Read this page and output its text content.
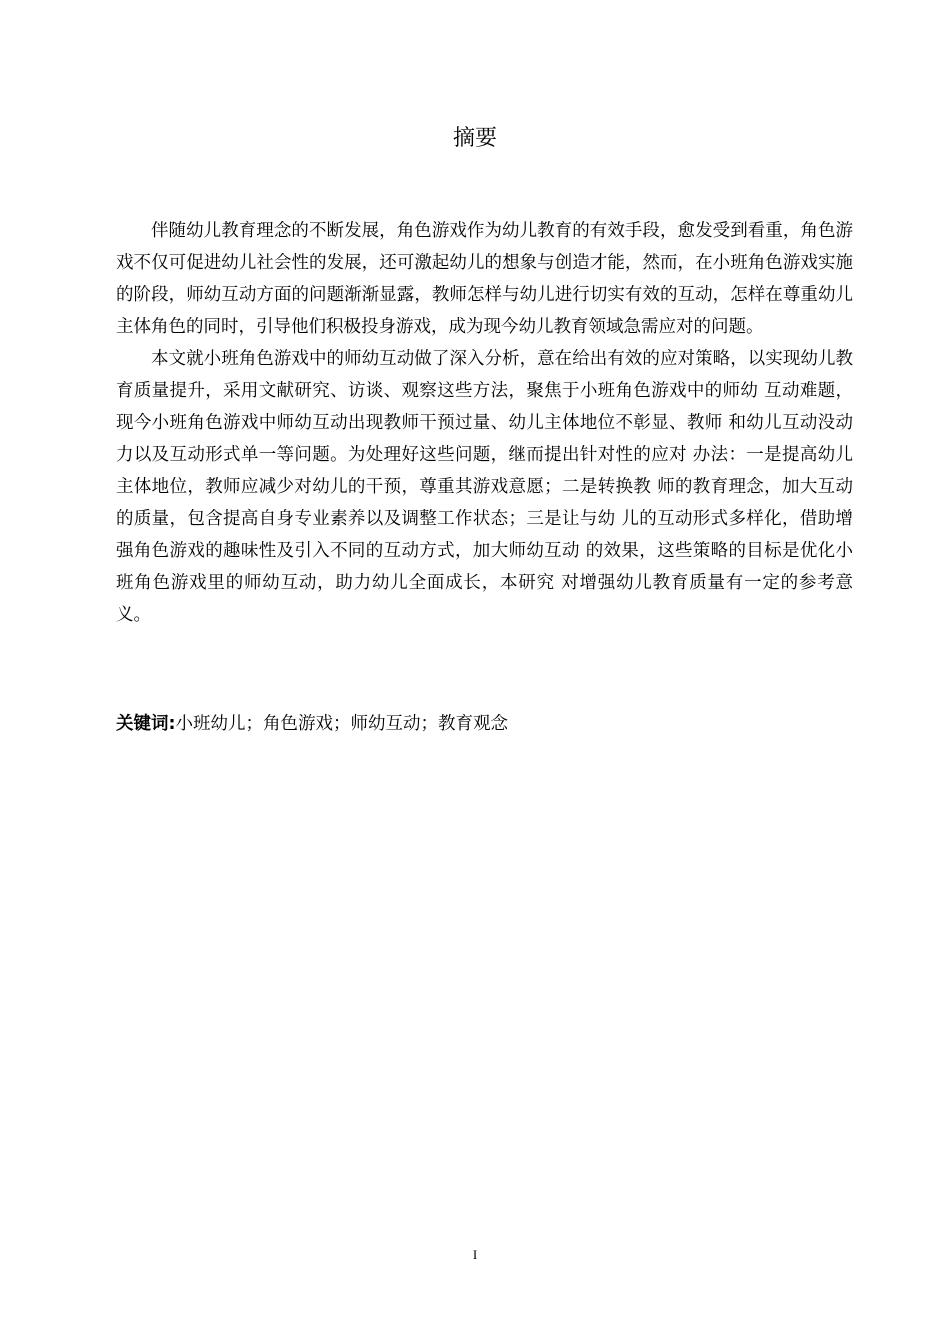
摘要

伴随幼儿教育理念的不断发展，角色游戏作为幼儿教育的有效手段，愈发受到看重，角色游戏不仅可促进幼儿社会性的发展，还可激起幼儿的想象与创造才能，然而，在小班角色游戏实施的阶段，师幼互动方面的问题渐渐显露，教师怎样与幼儿进行切实有效的互动，怎样在尊重幼儿主体角色的同时，引导他们积极投身游戏，成为现今幼儿教育领域急需应对的问题。

本文就小班角色游戏中的师幼互动做了深入分析，意在给出有效的应对策略，以实现幼儿教育质量提升，采用文献研究、访谈、观察这些方法，聚焦于小班角色游戏中的师幼 互动难题，现今小班角色游戏中师幼互动出现教师干预过量、幼儿主体地位不彰显、教师 和幼儿互动没动力以及互动形式单一等问题。为处理好这些问题，继而提出针对性的应对 办法：一是提高幼儿主体地位，教师应减少对幼儿的干预，尊重其游戏意愿；二是转换教 师的教育理念，加大互动的质量，包含提高自身专业素养以及调整工作状态；三是让与幼 儿的互动形式多样化，借助增强角色游戏的趣味性及引入不同的互动方式，加大师幼互动 的效果，这些策略的目标是优化小班角色游戏里的师幼互动，助力幼儿全面成长，本研究 对增强幼儿教育质量有一定的参考意义。

关键词:小班幼儿；角色游戏；师幼互动；教育观念

I
